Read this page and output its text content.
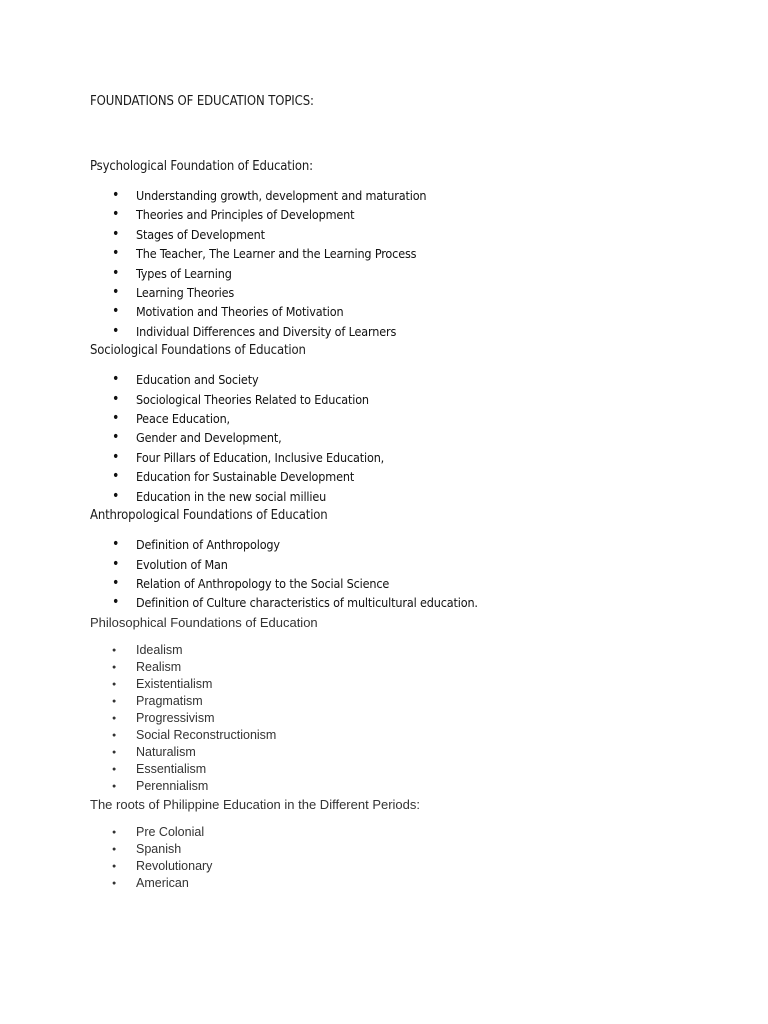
FOUNDATIONS OF EDUCATION TOPICS:

Psychological Foundation of Education:

• Understanding growth, development and maturation
• Theories and Principles of Development
• Stages of Development
• The Teacher, The Learner and the Learning Process
• Types of Learning
• Learning Theories
• Motivation and Theories of Motivation
• Individual Differences and Diversity of Learners

Sociological Foundations of Education

• Education and Society
• Sociological Theories Related to Education
• Peace Education,
• Gender and Development,
• Four Pillars of Education, Inclusive Education,
• Education for Sustainable Development
• Education in the new social millieu

Anthropological Foundations of Education

• Definition of Anthropology
• Evolution of Man
• Relation of Anthropology to the Social Science
• Definition of Culture characteristics of multicultural education.

Philosophical Foundations of Education

● Idealism
● Realism
● Existentialism
● Pragmatism
● Progressivism
● Social Reconstructionism
● Naturalism
● Essentialism
● Perennialism

The roots of Philippine Education in the Different Periods:

● Pre Colonial
● Spanish
● Revolutionary
● American
